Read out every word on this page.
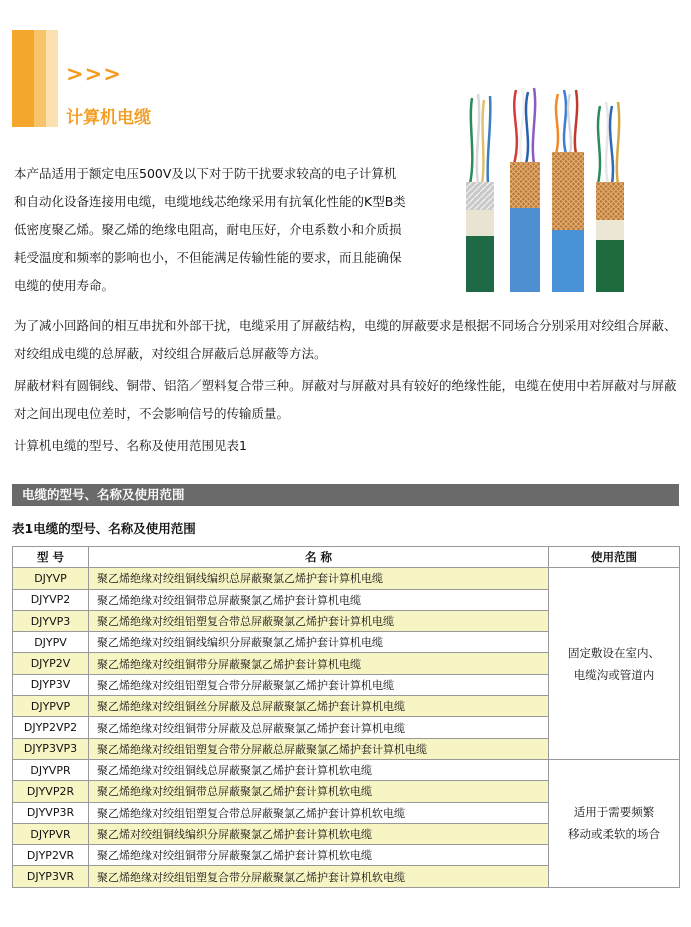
>>>
计算机电缆

本产品适用于额定电压500V及以下对于防干扰要求较高的电子计算机和自动化设备连接用电缆，电缆地线芯绝缘采用有抗氧化性能的K型B类低密度聚乙烯。聚乙烯的绝缘电阻高，耐电压好，介电系数小和介质损耗受温度和频率的影响也小，不但能满足传输性能的要求，而且能确保电缆的使用寿命。

为了减小回路间的相互串扰和外部干扰，电缆采用了屏蔽结构，电缆的屏蔽要求是根据不同场合分别采用对绞组合屏蔽、对绞组成电缆的总屏蔽，对绞组合屏蔽后总屏蔽等方法。

屏蔽材料有圆铜线、铜带、铝箔／塑料复合带三种。屏蔽对与屏蔽对具有较好的绝缘性能，电缆在使用中若屏蔽对与屏蔽对之间出现电位差时，不会影响信号的传输质量。

计算机电缆的型号、名称及使用范围见表1

电缆的型号、名称及使用范围
表1电缆的型号、名称及使用范围
型 号	名 称	使用范围
DJYVP	聚乙烯绝缘对绞组铜线编织总屏蔽聚氯乙烯护套计算机电缆	固定敷设在室内、
电缆沟或管道内
DJYVP2	聚乙烯绝缘对绞组铜带总屏蔽聚氯乙烯护套计算机电缆	
DJYVP3	聚乙烯绝缘对绞组铝塑复合带总屏蔽聚氯乙烯护套计算机电缆	
DJYPV	聚乙烯绝缘对绞组铜线编织分屏蔽聚氯乙烯护套计算机电缆	
DJYP2V	聚乙烯绝缘对绞组铜带分屏蔽聚氯乙烯护套计算机电缆	
DJYP3V	聚乙烯绝缘对绞组铝塑复合带分屏蔽聚氯乙烯护套计算机电缆	
DJYPVP	聚乙烯绝缘对绞组铜丝分屏蔽及总屏蔽聚氯乙烯护套计算机电缆	
DJYP2VP2	聚乙烯绝缘对绞组铜带分屏蔽及总屏蔽聚氯乙烯护套计算机电缆	
DJYP3VP3	聚乙烯绝缘对绞组铝塑复合带分屏蔽总屏蔽聚氯乙烯护套计算机电缆	
DJYVPR	聚乙烯绝缘对绞组铜线总屏蔽聚氯乙烯护套计算机软电缆	适用于需要频繁
移动或柔软的场合
DJYVP2R	聚乙烯绝缘对绞组铜带总屏蔽聚氯乙烯护套计算机软电缆	
DJYVP3R	聚乙烯绝缘对绞组铝塑复合带总屏蔽聚氯乙烯护套计算机软电缆	
DJYPVR	聚乙烯对绞组铜线编织分屏蔽聚氯乙烯护套计算机软电缆	
DJYP2VR	聚乙烯绝缘对绞组铜带分屏蔽聚氯乙烯护套计算机软电缆	
DJYP3VR	聚乙烯绝缘对绞组铝塑复合带分屏蔽聚氯乙烯护套计算机软电缆	
